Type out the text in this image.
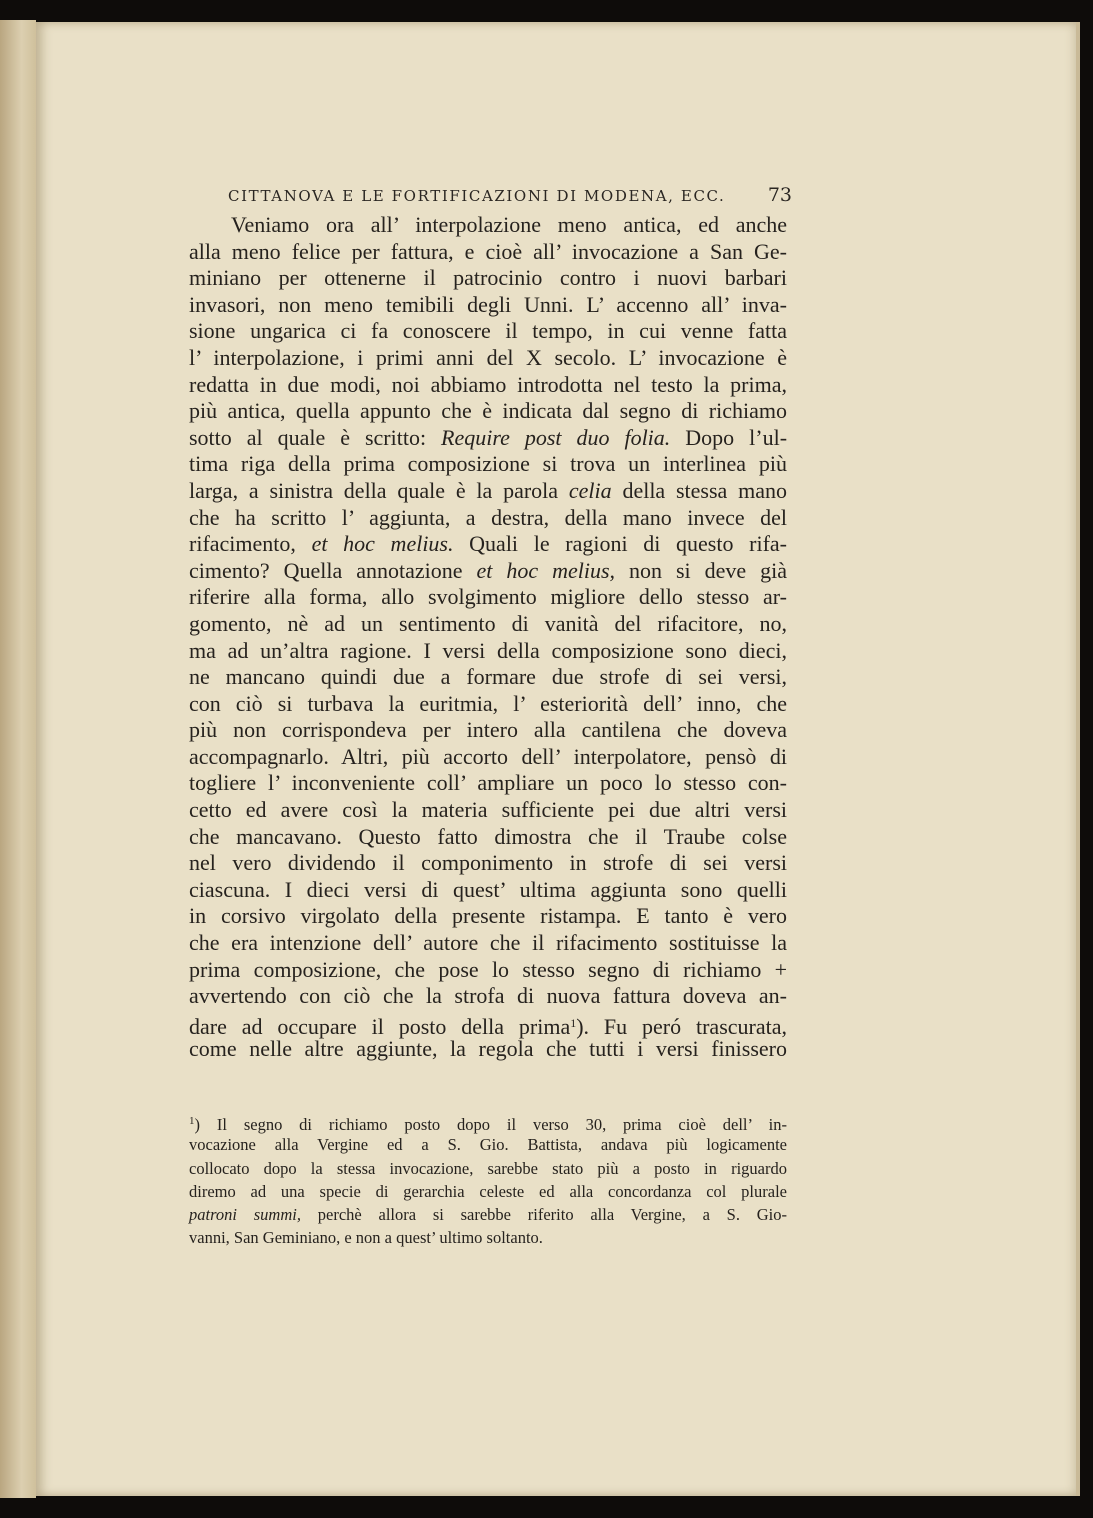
CITTANOVA E LE FORTIFICAZIONI DI MODENA, ECC. 73
Veniamo ora all’ interpolazione meno antica, ed anche
alla meno felice per fattura, e cioè all’ invocazione a San Ge-
miniano per ottenerne il patrocinio contro i nuovi barbari
invasori, non meno temibili degli Unni. L’ accenno all’ inva-
sione ungarica ci fa conoscere il tempo, in cui venne fatta
l’ interpolazione, i primi anni del X secolo. L’ invocazione è
redatta in due modi, noi abbiamo introdotta nel testo la prima,
più antica, quella appunto che è indicata dal segno di richiamo
sotto al quale è scritto: Require post duo folia. Dopo l’ul-
tima riga della prima composizione si trova un interlinea più
larga, a sinistra della quale è la parola celia della stessa mano
che ha scritto l’ aggiunta, a destra, della mano invece del
rifacimento, et hoc melius. Quali le ragioni di questo rifa-
cimento? Quella annotazione et hoc melius, non si deve già
riferire alla forma, allo svolgimento migliore dello stesso ar-
gomento, nè ad un sentimento di vanità del rifacitore, no,
ma ad un’altra ragione. I versi della composizione sono dieci,
ne mancano quindi due a formare due strofe di sei versi,
con ciò si turbava la euritmia, l’ esteriorità dell’ inno, che
più non corrispondeva per intero alla cantilena che doveva
accompagnarlo. Altri, più accorto dell’ interpolatore, pensò di
togliere l’ inconveniente coll’ ampliare un poco lo stesso con-
cetto ed avere così la materia sufficiente pei due altri versi
che mancavano. Questo fatto dimostra che il Traube colse
nel vero dividendo il componimento in strofe di sei versi
ciascuna. I dieci versi di quest’ ultima aggiunta sono quelli
in corsivo virgolato della presente ristampa. E tanto è vero
che era intenzione dell’ autore che il rifacimento sostituisse la
prima composizione, che pose lo stesso segno di richiamo +
avvertendo con ciò che la strofa di nuova fattura doveva an-
dare ad occupare il posto della prima$^1$). Fu peró trascurata,
come nelle altre aggiunte, la regola che tutti i versi finissero
$^1$) Il segno di richiamo posto dopo il verso 30, prima cioè dell’ in-
vocazione alla Vergine ed a S. Gio. Battista, andava più logicamente
collocato dopo la stessa invocazione, sarebbe stato più a posto in riguardo
diremo ad una specie di gerarchia celeste ed alla concordanza col plurale
patroni summi, perchè allora si sarebbe riferito alla Vergine, a S. Gio-
vanni, San Geminiano, e non a quest’ ultimo soltanto.
